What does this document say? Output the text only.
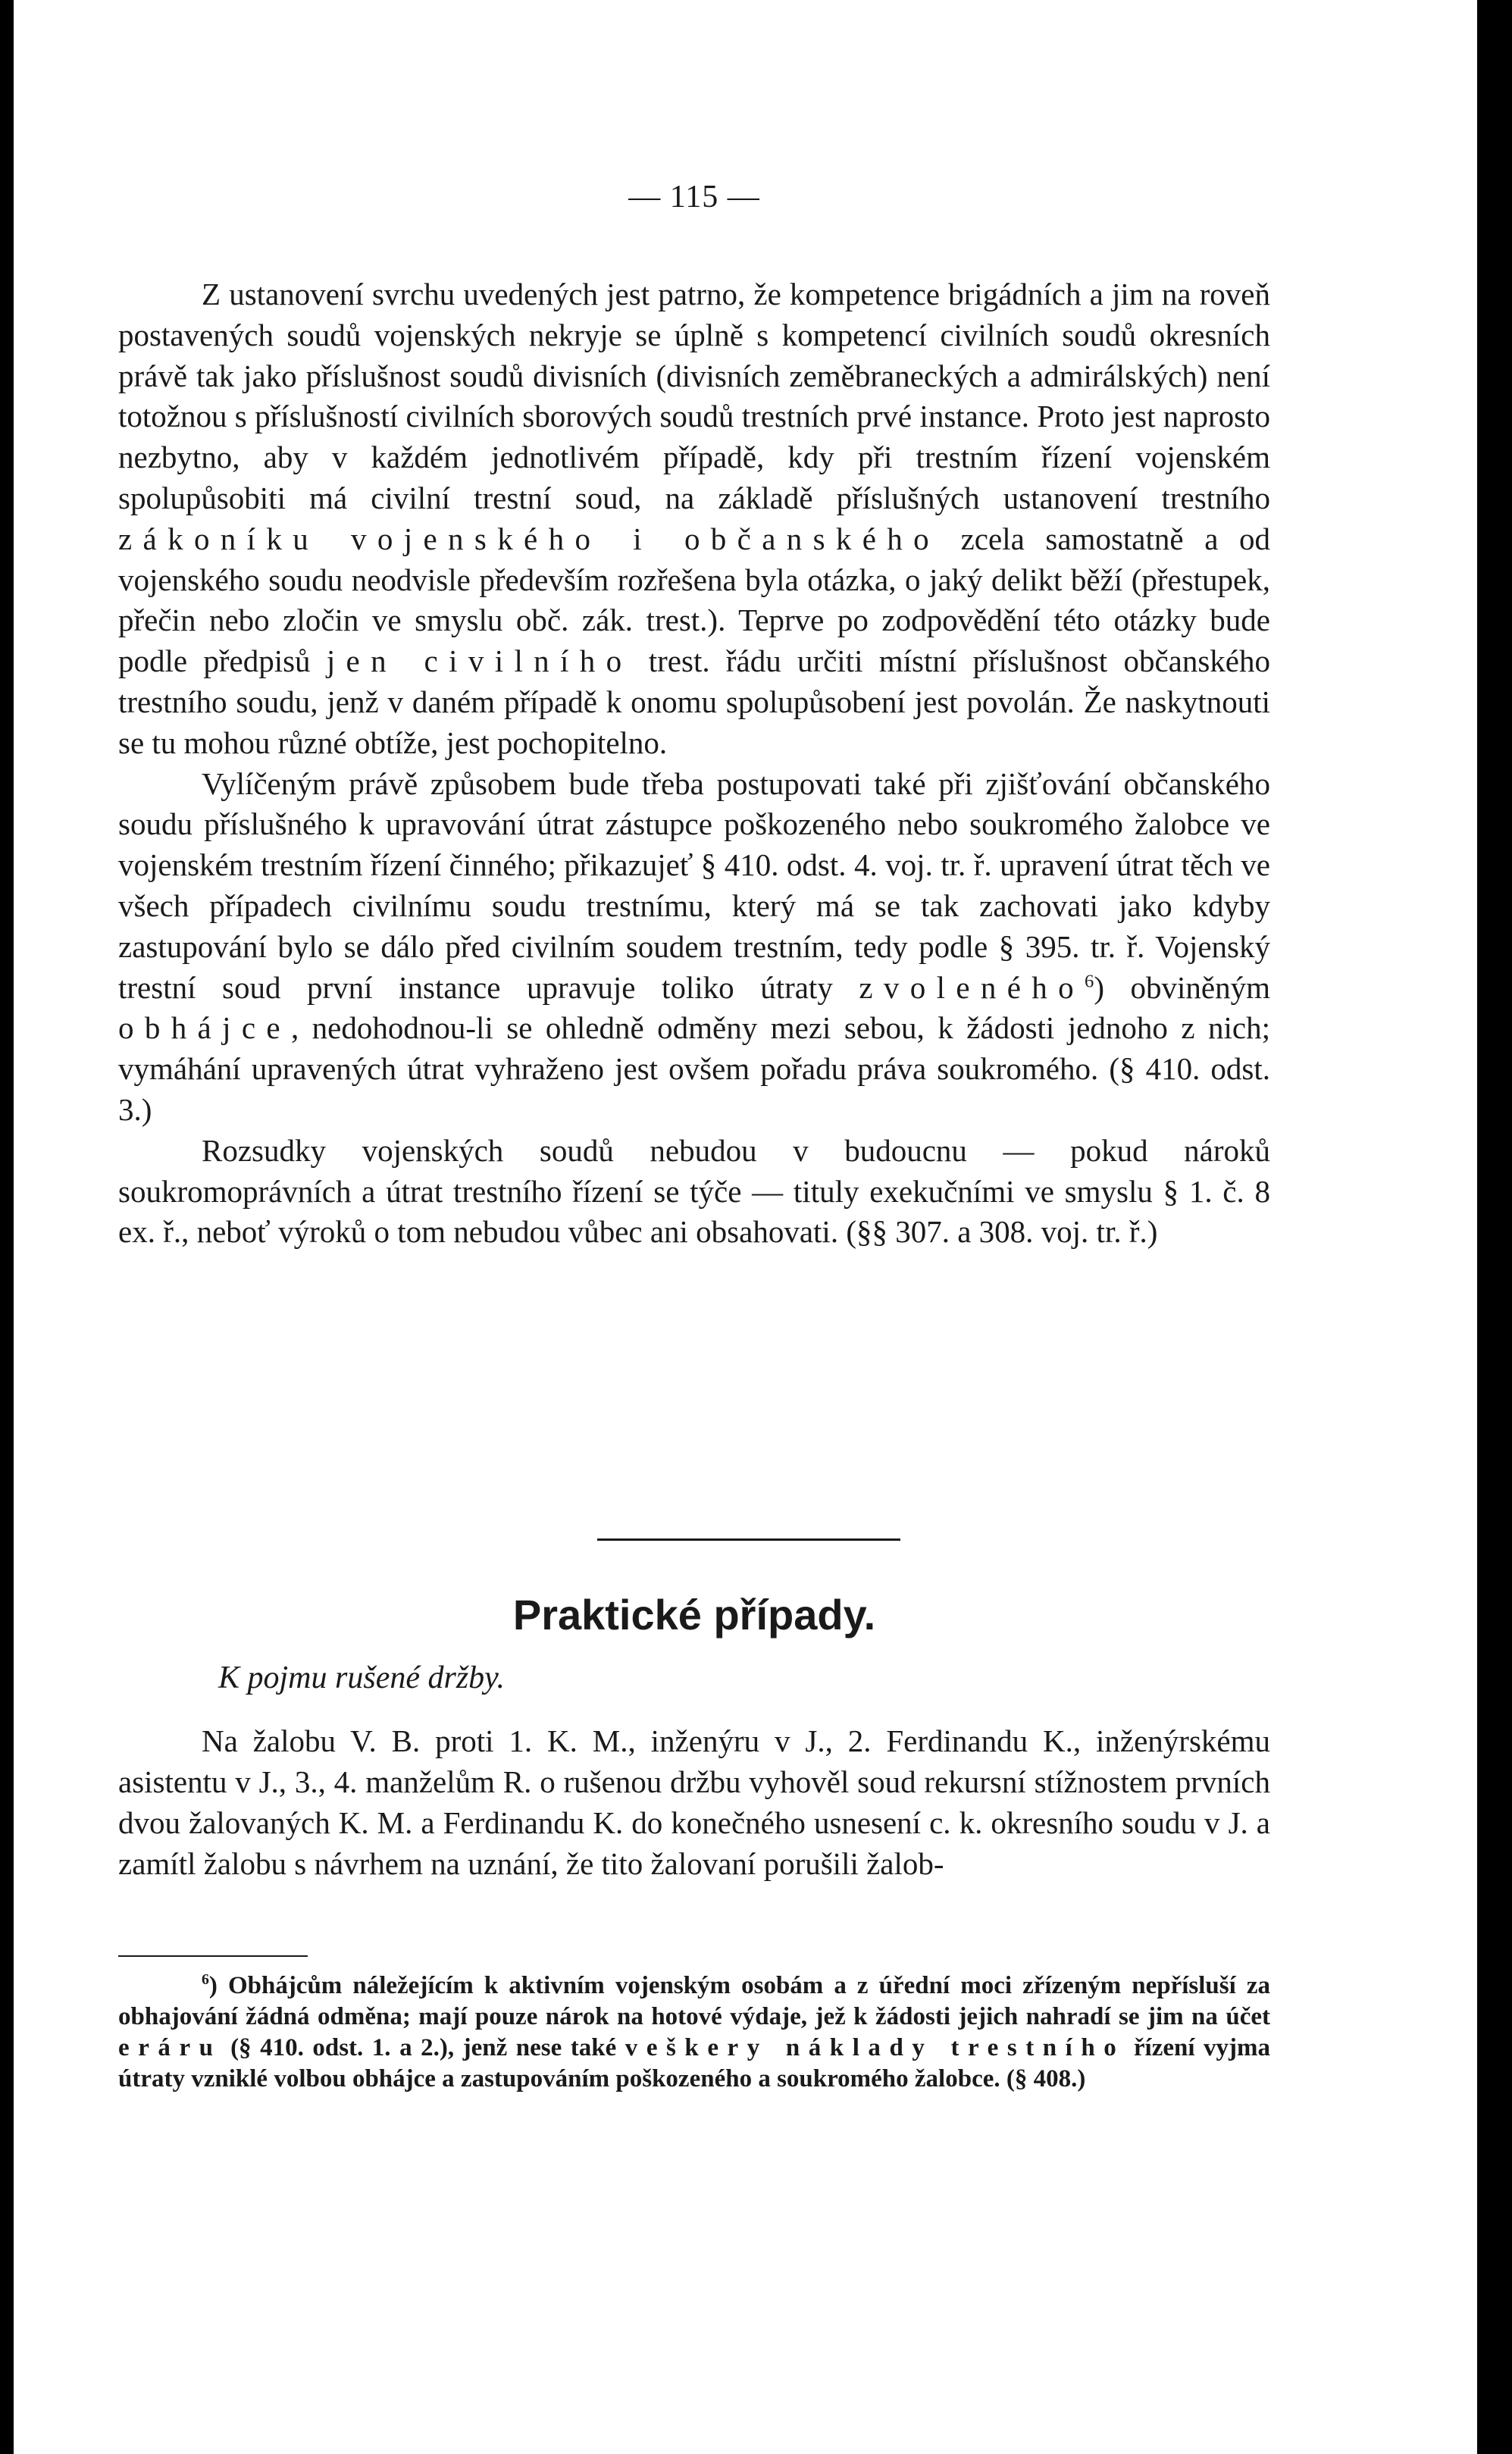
— 115 —

Z ustanovení svrchu uvedených jest patrno, že kompetence brigádních a jim na roveň postavených soudů vojenských nekryje se úplně s kompetencí civilních soudů okresních právě tak jako příslušnost soudů divisních (divisních zeměbraneckých a admirálských) není totožnou s příslušností civilních sborových soudů trestních prvé instance. Proto jest naprosto nezbytno, aby v každém jednotlivém případě, kdy při trestním řízení vojenském spolupůsobiti má civilní trestní soud, na základě příslušných ustanovení trestního zákoníku vojenského i občanského zcela samostatně a od vojenského soudu neodvisle především rozřešena byla otázka, o jaký delikt běží (přestupek, přečin nebo zločin ve smyslu obč. zák. trest.). Teprve po zodpovědění této otázky bude podle předpisů jen civilního trest. řádu určiti místní příslušnost občanského trestního soudu, jenž v daném případě k onomu spolupůsobení jest povolán. Že naskytnouti se tu mohou různé obtíže, jest pochopitelno.

Vylíčeným právě způsobem bude třeba postupovati také při zjišťování občanského soudu příslušného k upravování útrat zástupce poškozeného nebo soukromého žalobce ve vojenském trestním řízení činného; přikazujeť § 410. odst. 4. voj. tr. ř. upravení útrat těch ve všech případech civilnímu soudu trestnímu, který má se tak zachovati jako kdyby zastupování bylo se dálo před civilním soudem trestním, tedy podle § 395. tr. ř. Vojenský trestní soud první instance upravuje toliko útraty zvoleného$^6$) obviněným obhájce, nedohodnou-li se ohledně odměny mezi sebou, k žádosti jednoho z nich; vymáhání upravených útrat vyhraženo jest ovšem pořadu práva soukromého. (§ 410. odst. 3.)

Rozsudky vojenských soudů nebudou v budoucnu — pokud nároků soukromoprávních a útrat trestního řízení se týče — tituly exekučními ve smyslu § 1. č. 8 ex. ř., neboť výroků o tom nebudou vůbec ani obsahovati. (§§ 307. a 308. voj. tr. ř.)

Praktické případy.
K pojmu rušené držby.

Na žalobu V. B. proti 1. K. M., inženýru v J., 2. Ferdinandu K., inženýrskému asistentu v J., 3., 4. manželům R. o rušenou držbu vyhověl soud rekursní stížnostem prvních dvou žalovaných K. M. a Ferdinandu K. do konečného usnesení c. k. okresního soudu v J. a zamítl žalobu s návrhem na uznání, že tito žalovaní porušili žalob-

$^6$) Obhájcům náležejícím k aktivním vojenským osobám a z úřední moci zřízeným nepřísluší za obhajování žádná odměna; mají pouze nárok na hotové výdaje, jež k žádosti jejich nahradí se jim na účet eráru (§ 410. odst. 1. a 2.), jenž nese také veškery náklady trestního řízení vyjma útraty vzniklé volbou obhájce a zastupováním poškozeného a soukromého žalobce. (§ 408.)
